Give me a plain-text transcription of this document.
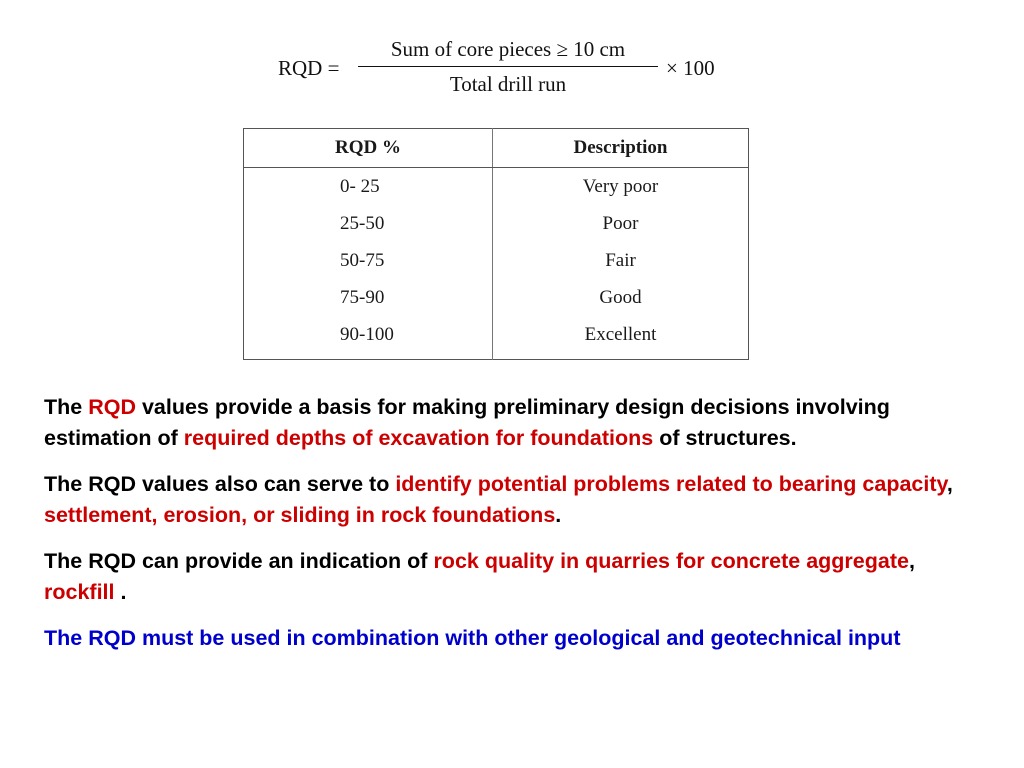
RQD =
Sum of core pieces ≥ 10 cm
Total drill run
× 100
RQD %	Description
0- 25	Very poor
25-50	Poor
50-75	Fair
75-90	Good
90-100	Excellent

The RQD values provide a basis for making preliminary design decisions involving estimation of required depths of excavation for foundations of structures.

The RQD values also can serve to identify potential problems related to bearing capacity, settlement, erosion, or sliding in rock foundations.

The RQD can provide an indication of rock quality in quarries for concrete aggregate, rockfill .

The RQD must be used in combination with other geological and geotechnical input
